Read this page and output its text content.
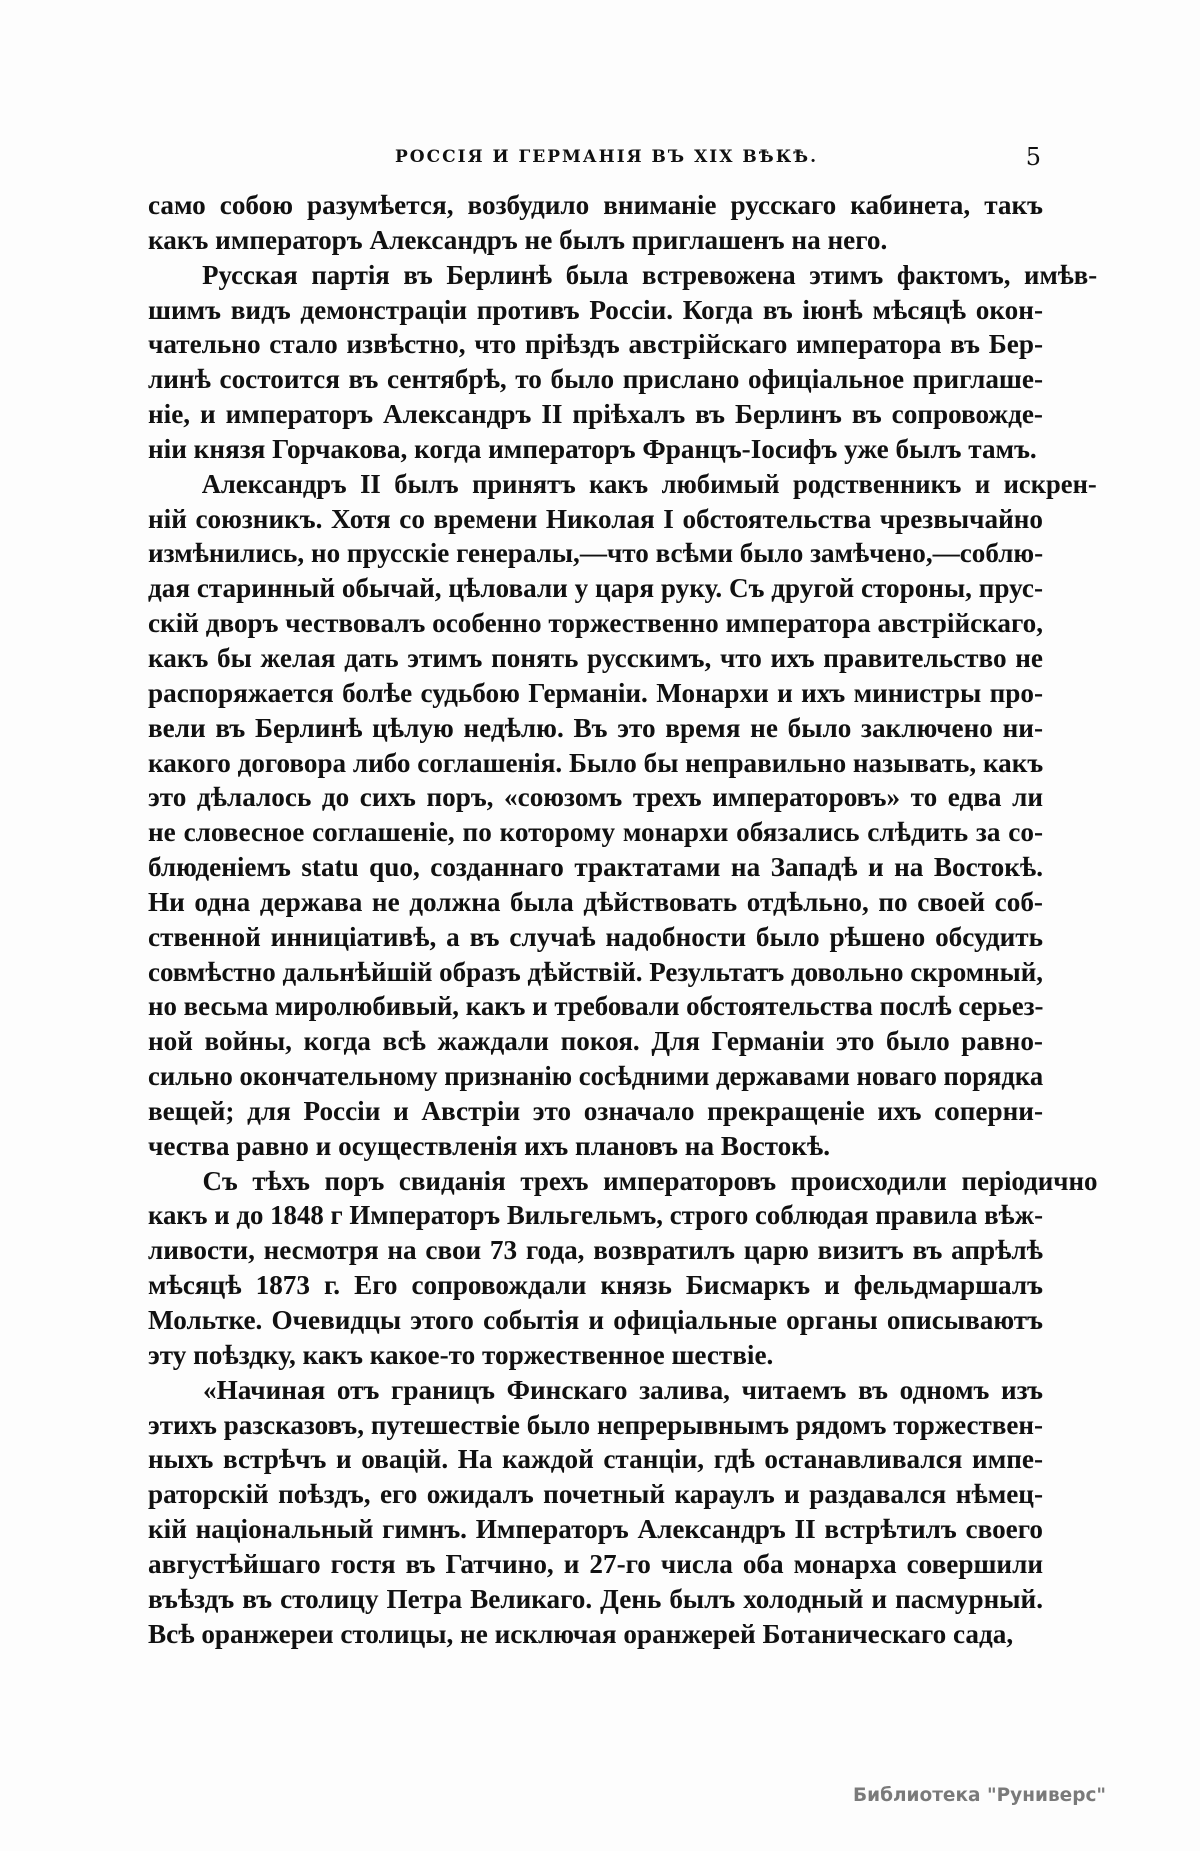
РОССІЯ И ГЕРМАНІЯ ВЪ XIX ВѢКѢ.	5
само собою разумѣется, возбудило вниманіе русскаго кабинета, такъ
какъ императоръ Александръ не былъ приглашенъ на него.
Русская партія въ Берлинѣ была встревожена этимъ фактомъ, имѣв-
шимъ видъ демонстраціи противъ Россіи. Когда въ іюнѣ мѣсяцѣ окон-
чательно стало извѣстно, что пріѣздъ австрійскаго императора въ Бер-
линѣ состоится въ сентябрѣ, то было прислано офиціальное приглаше-
ніе, и императоръ Александръ II пріѣхалъ въ Берлинъ въ сопровожде-
ніи князя Горчакова, когда императоръ Францъ-Іосифъ уже былъ тамъ.
Александръ II былъ принятъ какъ любимый родственникъ и искрен-
ній союзникъ. Хотя со времени Николая I обстоятельства чрезвычайно
измѣнились, но прусскіе генералы,—что всѣми было замѣчено,—соблю-
дая старинный обычай, цѣловали у царя руку. Съ другой стороны, прус-
скій дворъ чествовалъ особенно торжественно императора австрійскаго,
какъ бы желая дать этимъ понять русскимъ, что ихъ правительство не
распоряжается болѣе судьбою Германіи. Монархи и ихъ министры про-
вели въ Берлинѣ цѣлую недѣлю. Въ это время не было заключено ни-
какого договора либо соглашенія. Было бы неправильно называть, какъ
это дѣлалось до сихъ поръ, «союзомъ трехъ императоровъ» то едва ли
не словесное соглашеніе, по которому монархи обязались слѣдить за со-
блюденіемъ statu quo, созданнаго трактатами на Западѣ и на Востокѣ.
Ни одна держава не должна была дѣйствовать отдѣльно, по своей соб-
ственной инниціативѣ, а въ случаѣ надобности было рѣшено обсудить
совмѣстно дальнѣйшій образъ дѣйствій. Результатъ довольно скромный,
но весьма миролюбивый, какъ и требовали обстоятельства послѣ серьез-
ной войны, когда всѣ жаждали покоя. Для Германіи это было равно-
сильно окончательному признанію сосѣдними державами новаго порядка
вещей; для Россіи и Австріи это означало прекращеніе ихъ соперни-
чества равно и осуществленія ихъ плановъ на Востокѣ.
Съ тѣхъ поръ свиданія трехъ императоровъ происходили періодично
какъ и до 1848 г Императоръ Вильгельмъ, строго соблюдая правила вѣж-
ливости, несмотря на свои 73 года, возвратилъ царю визитъ въ апрѣлѣ
мѣсяцѣ 1873 г. Его сопровождали князь Бисмаркъ и фельдмаршалъ
Мольтке. Очевидцы этого событія и офиціальные органы описываютъ
эту поѣздку, какъ какое-то торжественное шествіе.
«Начиная отъ границъ Финскаго залива, читаемъ въ одномъ изъ
этихъ разсказовъ, путешествіе было непрерывнымъ рядомъ торжествен-
ныхъ встрѣчъ и овацій. На каждой станціи, гдѣ останавливался импе-
раторскій поѣздъ, его ожидалъ почетный караулъ и раздавался нѣмец-
кій національный гимнъ. Императоръ Александръ II встрѣтилъ своего
августѣйшаго гостя въ Гатчино, и 27-го числа оба монарха совершили
въѣздъ въ столицу Петра Великаго. День былъ холодный и пасмурный.
Всѣ оранжереи столицы, не исключая оранжерей Ботаническаго сада,
Библиотека "Руниверс"
